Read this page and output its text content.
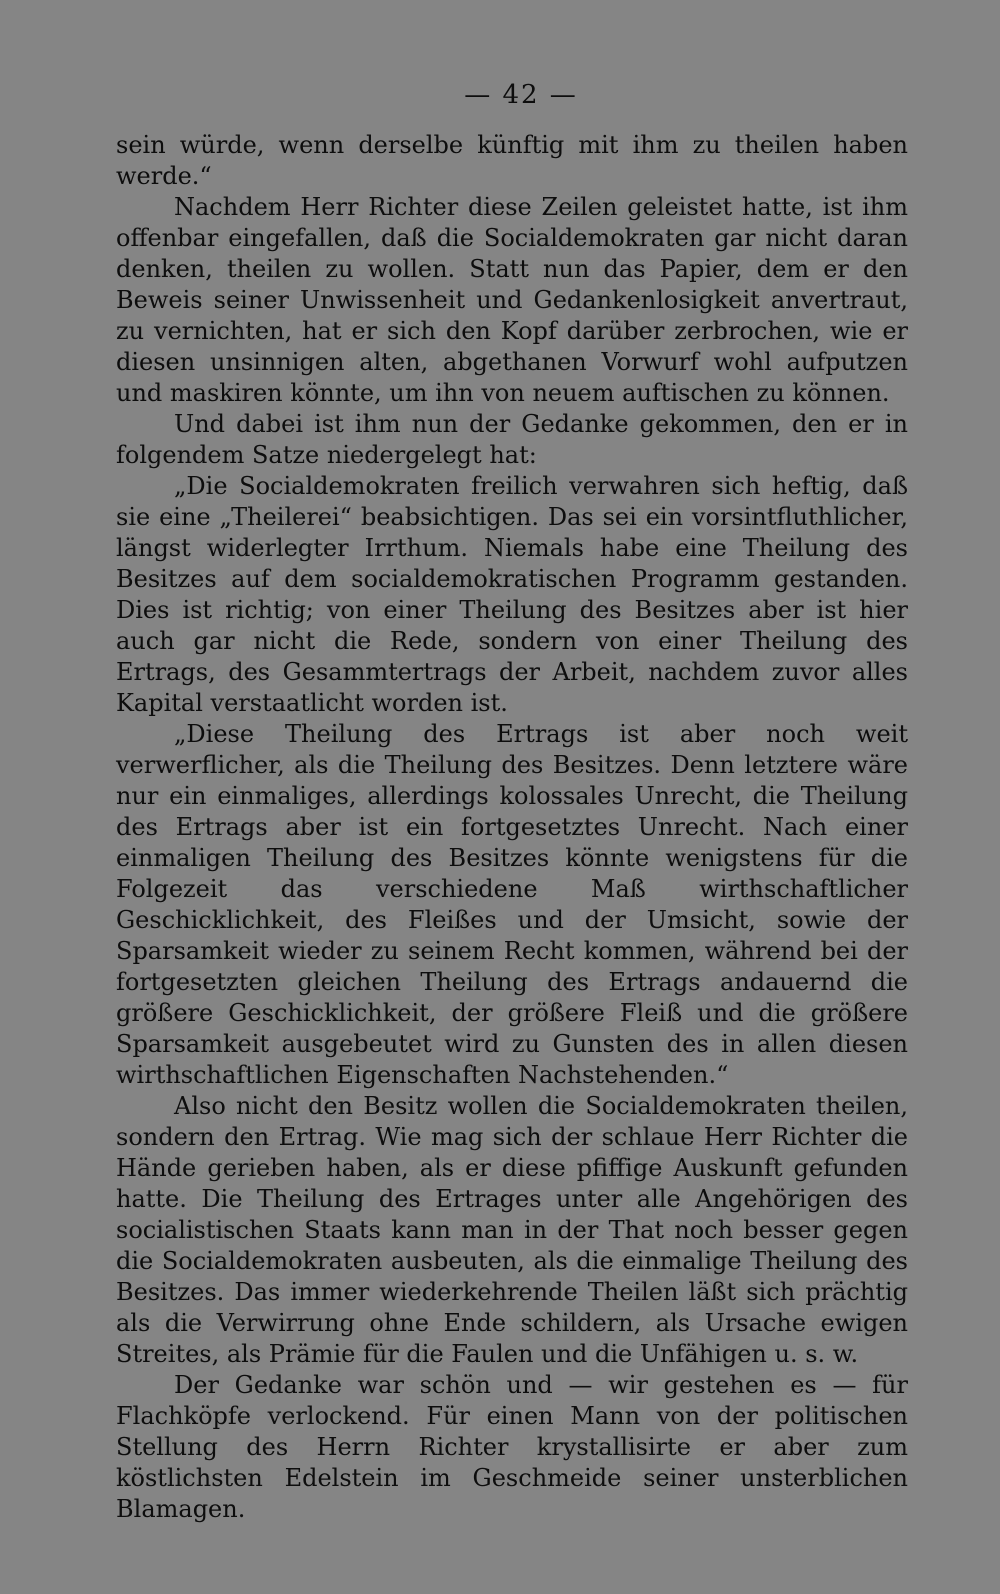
— 42 —

sein würde, wenn derselbe künftig mit ihm zu theilen haben werde.“

Nachdem Herr Richter diese Zeilen geleistet hatte, ist ihm offenbar eingefallen, daß die Socialdemokraten gar nicht daran denken, theilen zu wollen. Statt nun das Papier, dem er den Beweis seiner Unwissenheit und Gedankenlosigkeit anvertraut, zu vernichten, hat er sich den Kopf darüber zerbrochen, wie er diesen unsinnigen alten, abgethanen Vorwurf wohl aufputzen und maskiren könnte, um ihn von neuem auftischen zu können.

Und dabei ist ihm nun der Gedanke gekommen, den er in folgendem Satze niedergelegt hat:

„Die Socialdemokraten freilich verwahren sich heftig, daß sie eine „Theilerei“ beabsichtigen. Das sei ein vorsintfluthlicher, längst widerlegter Irrthum. Niemals habe eine Theilung des Besitzes auf dem socialdemokratischen Programm gestanden. Dies ist richtig; von einer Theilung des Besitzes aber ist hier auch gar nicht die Rede, sondern von einer Theilung des Ertrags, des Gesammtertrags der Arbeit, nachdem zuvor alles Kapital verstaatlicht worden ist.

„Diese Theilung des Ertrags ist aber noch weit verwerflicher, als die Theilung des Besitzes. Denn letztere wäre nur ein einmaliges, allerdings kolossales Unrecht, die Theilung des Ertrags aber ist ein fortgesetztes Unrecht. Nach einer einmaligen Theilung des Besitzes könnte wenigstens für die Folgezeit das verschiedene Maß wirthschaftlicher Geschicklichkeit, des Fleißes und der Umsicht, sowie der Sparsamkeit wieder zu seinem Recht kommen, während bei der fortgesetzten gleichen Theilung des Ertrags andauernd die größere Geschicklichkeit, der größere Fleiß und die größere Sparsamkeit ausgebeutet wird zu Gunsten des in allen diesen wirthschaftlichen Eigenschaften Nachstehenden.“

Also nicht den Besitz wollen die Socialdemokraten theilen, sondern den Ertrag. Wie mag sich der schlaue Herr Richter die Hände gerieben haben, als er diese pfiffige Auskunft gefunden hatte. Die Theilung des Ertrages unter alle Angehörigen des socialistischen Staats kann man in der That noch besser gegen die Socialdemokraten ausbeuten, als die einmalige Theilung des Besitzes. Das immer wiederkehrende Theilen läßt sich prächtig als die Verwirrung ohne Ende schildern, als Ursache ewigen Streites, als Prämie für die Faulen und die Unfähigen u. s. w.

Der Gedanke war schön und — wir gestehen es — für Flachköpfe verlockend. Für einen Mann von der politischen Stellung des Herrn Richter krystallisirte er aber zum köstlichsten Edelstein im Geschmeide seiner unsterblichen Blamagen.
